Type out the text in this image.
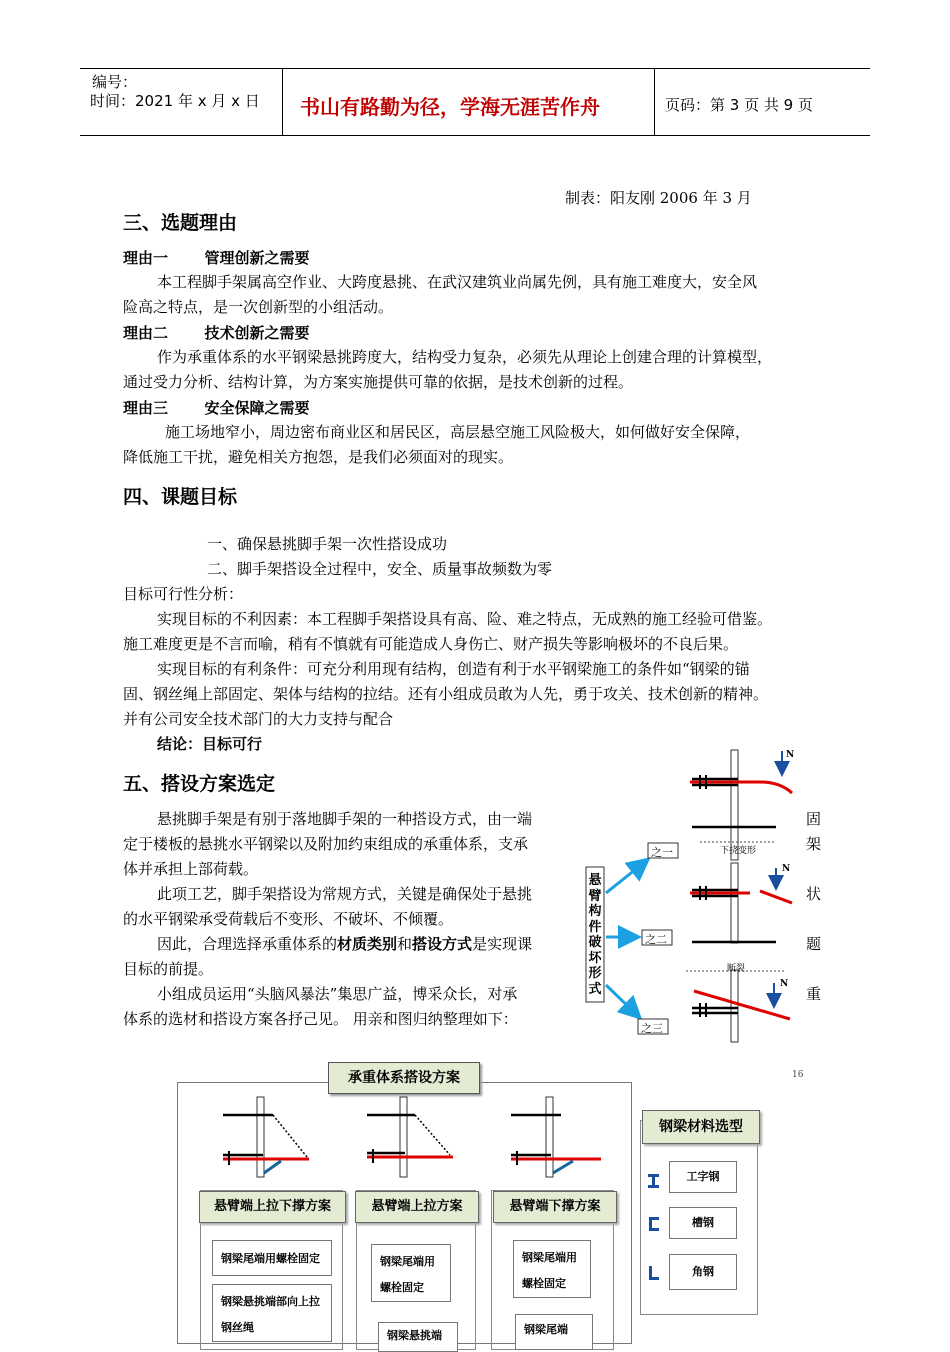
编号：
时间：2021 年 x 月 x 日 书山有路勤为径，学海无涯苦作舟	页码：第 3 页 共 9 页
制表：阳友刚 2006 年 3 月
三、选题理由
理由一       管理创新之需要
本工程脚手架属高空作业、大跨度悬挑、在武汉建筑业尚属先例，具有施工难度大，安全风
险高之特点，是一次创新型的小组活动。
理由二       技术创新之需要
作为承重体系的水平钢梁悬挑跨度大，结构受力复杂，必须先从理论上创建合理的计算模型，
通过受力分析、结构计算，为方案实施提供可靠的依据，是技术创新的过程。
理由三       安全保障之需要
施工场地窄小，周边密布商业区和居民区，高层悬空施工风险极大，如何做好安全保障，
降低施工干扰，避免相关方抱怨，是我们必须面对的现实。
四、课题目标
一、确保悬挑脚手架一次性搭设成功
二、脚手架搭设全过程中，安全、质量事故频数为零
目标可行性分析：
实现目标的不利因素：本工程脚手架搭设具有高、险、难之特点，无成熟的施工经验可借鉴。
施工难度更是不言而喻，稍有不慎就有可能造成人身伤亡、财产损失等影响极坏的不良后果。
实现目标的有利条件：可充分利用现有结构，创造有利于水平钢梁施工的条件如“钢梁的锚
固、钢丝绳上部固定、架体与结构的拉结。还有小组成员敢为人先，勇于攻关、技术创新的精神。
并有公司安全技术部门的大力支持与配合
结论：目标可行
五、搭设方案选定
悬挑脚手架是有别于落地脚手架的一种搭设方式，由一端
定于楼板的悬挑水平钢梁以及附加约束组成的承重体系，支承
体并承担上部荷载。
此项工艺，脚手架搭设为常规方式，关键是确保处于悬挑
的水平钢梁承受荷载后不变形、不破坏、不倾覆。
因此，合理选择承重体系的材质类别和搭设方式是实现课
目标的前提。
小组成员运用“头脑风暴法”集思广益，博采众长，对承
体系的选材和搭设方案各抒己见。 用亲和图归纳整理如下：
固
架
状
题
重
悬臂构件破坏形式
之一
之二
之三
下挠变形
断裂
N
N
N
承重体系搭设方案	16
悬臂端上拉下撑方案
钢梁尾端用螺栓固定
钢梁悬挑端部向上拉钢丝绳
悬臂端上拉方案
钢梁尾端用螺栓固定
钢梁悬挑端
悬臂端下撑方案
钢梁尾端用螺栓固定
钢梁尾端
钢梁材料选型
工字钢
槽钢
角钢
